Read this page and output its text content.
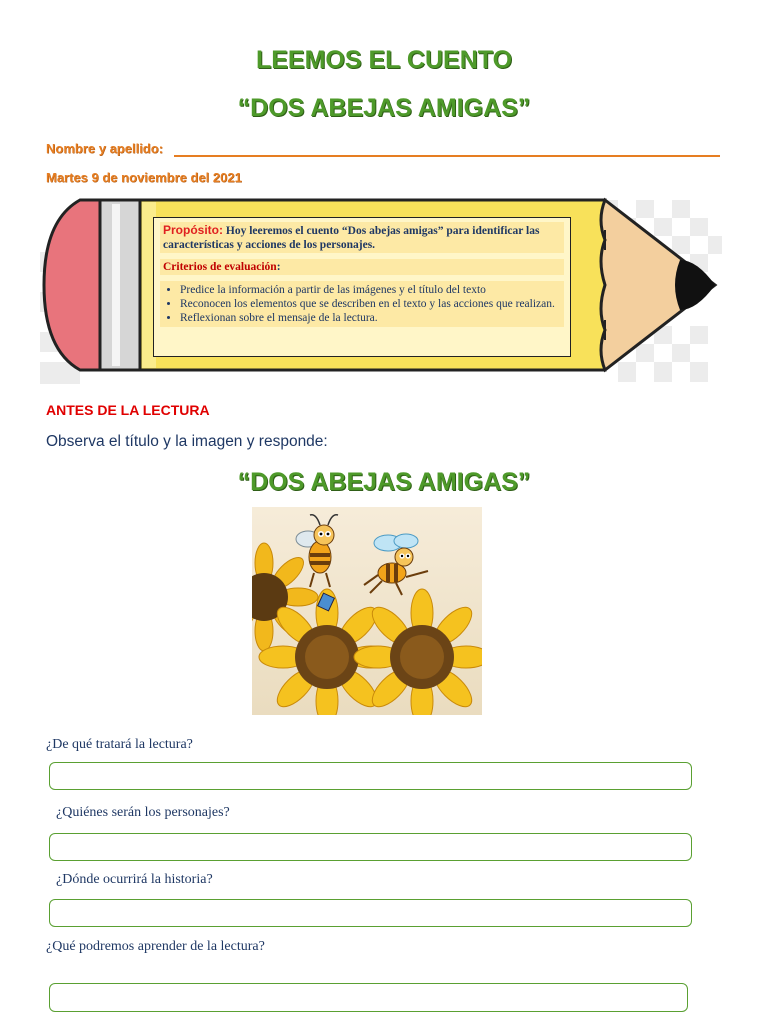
LEEMOS EL CUENTO
“DOS ABEJAS AMIGAS”
Nombre y apellido:
Martes 9 de noviembre del 2021
Propósito: Hoy leeremos el cuento “Dos abejas amigas” para identificar las características y acciones de los personajes.
Criterios de evaluación:
• Predice la información a partir de las imágenes y el título del texto
• Reconocen los elementos que se describen en el texto y las acciones que realizan.
• Reflexionan sobre el mensaje de la lectura.
ANTES DE LA LECTURA
Observa el título y la imagen y responde:
“DOS ABEJAS AMIGAS”
¿De qué tratará la lectura?
¿Quiénes serán los personajes?
¿Dónde ocurrirá la historia?
¿Qué podremos aprender de la lectura?
